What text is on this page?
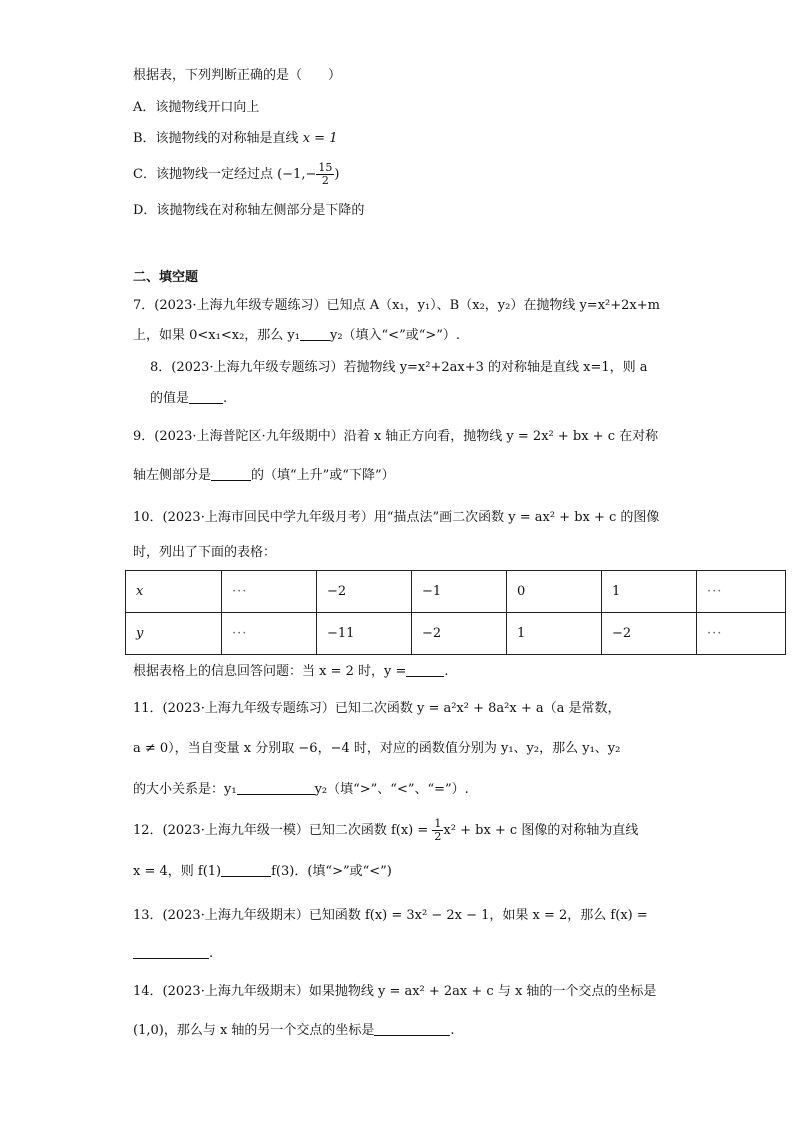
根据表，下列判断正确的是（　　）
A．该抛物线开口向上
B．该抛物线的对称轴是直线 x = 1
C．该抛物线一定经过点 ($-1,- \frac{15}{2}$ )
D．该抛物线在对称轴左侧部分是下降的
二、填空题
7．(2023·上海九年级专题练习）已知点 A（x₁，y₁）、B（x₂，y₂）在抛物线 y=x²+2x+m
上，如果 0<x₁<x₂，那么 y₁ y₂（填入“<”或“>”）.
8．(2023·上海九年级专题练习）若抛物线 y=x²+2ax+3 的对称轴是直线 x=1，则 a
的值是	.
9．(2023·上海普陀区·九年级期中）沿着 x 轴正方向看，抛物线 y = 2x² + bx + c 在对称
轴左侧部分是	的（填“上升”或“下降”）
10．(2023·上海市回民中学九年级月考）用“描点法”画二次函数 y = ax² + bx + c 的图像
时，列出了下面的表格：
x	···	−2	−1	0	1	···
y	···	−11	−2	1	−2	···
根据表格上的信息回答问题：当 x = 2 时，y =	.
11．(2023·上海九年级专题练习）已知二次函数 y = a²x² + 8a²x + a（a 是常数，
a ≠ 0），当自变量 x 分别取 −6，−4 时，对应的函数值分别为 y₁、y₂，那么 y₁、y₂
的大小关系是：y₁	y₂（填“>”、“<”、“=”）.
12．(2023·上海九年级一模）已知二次函数 $f(x) = \frac{1}{2} x^2$ + bx + c 图像的对称轴为直线
x = 4，则 f(1)	f(3)．(填“>”或“<”)
13．(2023·上海九年级期末）已知函数 f(x) = 3x² − 2x − 1，如果 x = 2，那么 f(x) =
.
14．(2023·上海九年级期末）如果抛物线 y = ax² + 2ax + c 与 x 轴的一个交点的坐标是
(1,0)，那么与 x 轴的另一个交点的坐标是	.
